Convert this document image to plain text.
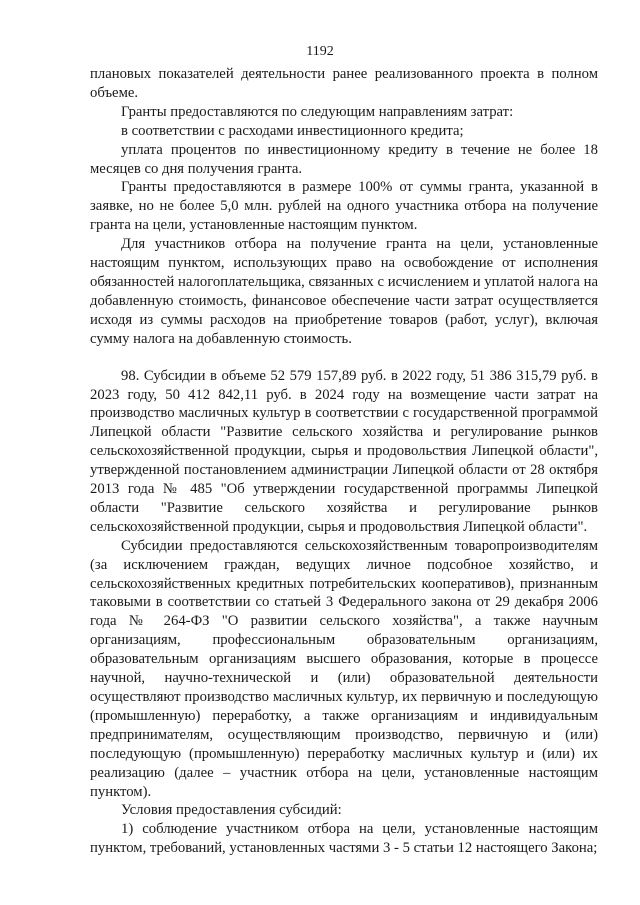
1192

плановых показателей деятельности ранее реализованного проекта в полном объеме.

Гранты предоставляются по следующим направлениям затрат:

в соответствии с расходами инвестиционного кредита;

уплата процентов по инвестиционному кредиту в течение не более 18 месяцев со дня получения гранта.

Гранты предоставляются в размере 100% от суммы гранта, указанной в заявке, но не более 5,0 млн. рублей на одного участника отбора на получение гранта на цели, установленные настоящим пунктом.

Для участников отбора на получение гранта на цели, установленные настоящим пунктом, использующих право на освобождение от исполнения обязанностей налогоплательщика, связанных с исчислением и уплатой налога на добавленную стоимость, финансовое обеспечение части затрат осуществляется исходя из суммы расходов на приобретение товаров (работ, услуг), включая сумму налога на добавленную стоимость.

98. Субсидии в объеме 52 579 157,89 руб. в 2022 году, 51 386 315,79 руб. в 2023 году, 50 412 842,11 руб. в 2024 году на возмещение части затрат на производство масличных культур в соответствии с государственной программой Липецкой области "Развитие сельского хозяйства и регулирование рынков сельскохозяйственной продукции, сырья и продовольствия Липецкой области", утвержденной постановлением администрации Липецкой области от 28 октября 2013 года № 485 "Об утверждении государственной программы Липецкой области "Развитие сельского хозяйства и регулирование рынков сельскохозяйственной продукции, сырья и продовольствия Липецкой области".

Субсидии предоставляются сельскохозяйственным товаропроизводителям (за исключением граждан, ведущих личное подсобное хозяйство, и сельскохозяйственных кредитных потребительских кооперативов), признанным таковыми в соответствии со статьей 3 Федерального закона от 29 декабря 2006 года № 264-ФЗ "О развитии сельского хозяйства", а также научным организациям, профессиональным образовательным организациям, образовательным организациям высшего образования, которые в процессе научной, научно-технической и (или) образовательной деятельности осуществляют производство масличных культур, их первичную и последующую (промышленную) переработку, а также организациям и индивидуальным предпринимателям, осуществляющим производство, первичную и (или) последующую (промышленную) переработку масличных культур и (или) их реализацию (далее – участник отбора на цели, установленные настоящим пунктом).

Условия предоставления субсидий:

1) соблюдение участником отбора на цели, установленные настоящим пунктом, требований, установленных частями 3 - 5 статьи 12 настоящего Закона;
